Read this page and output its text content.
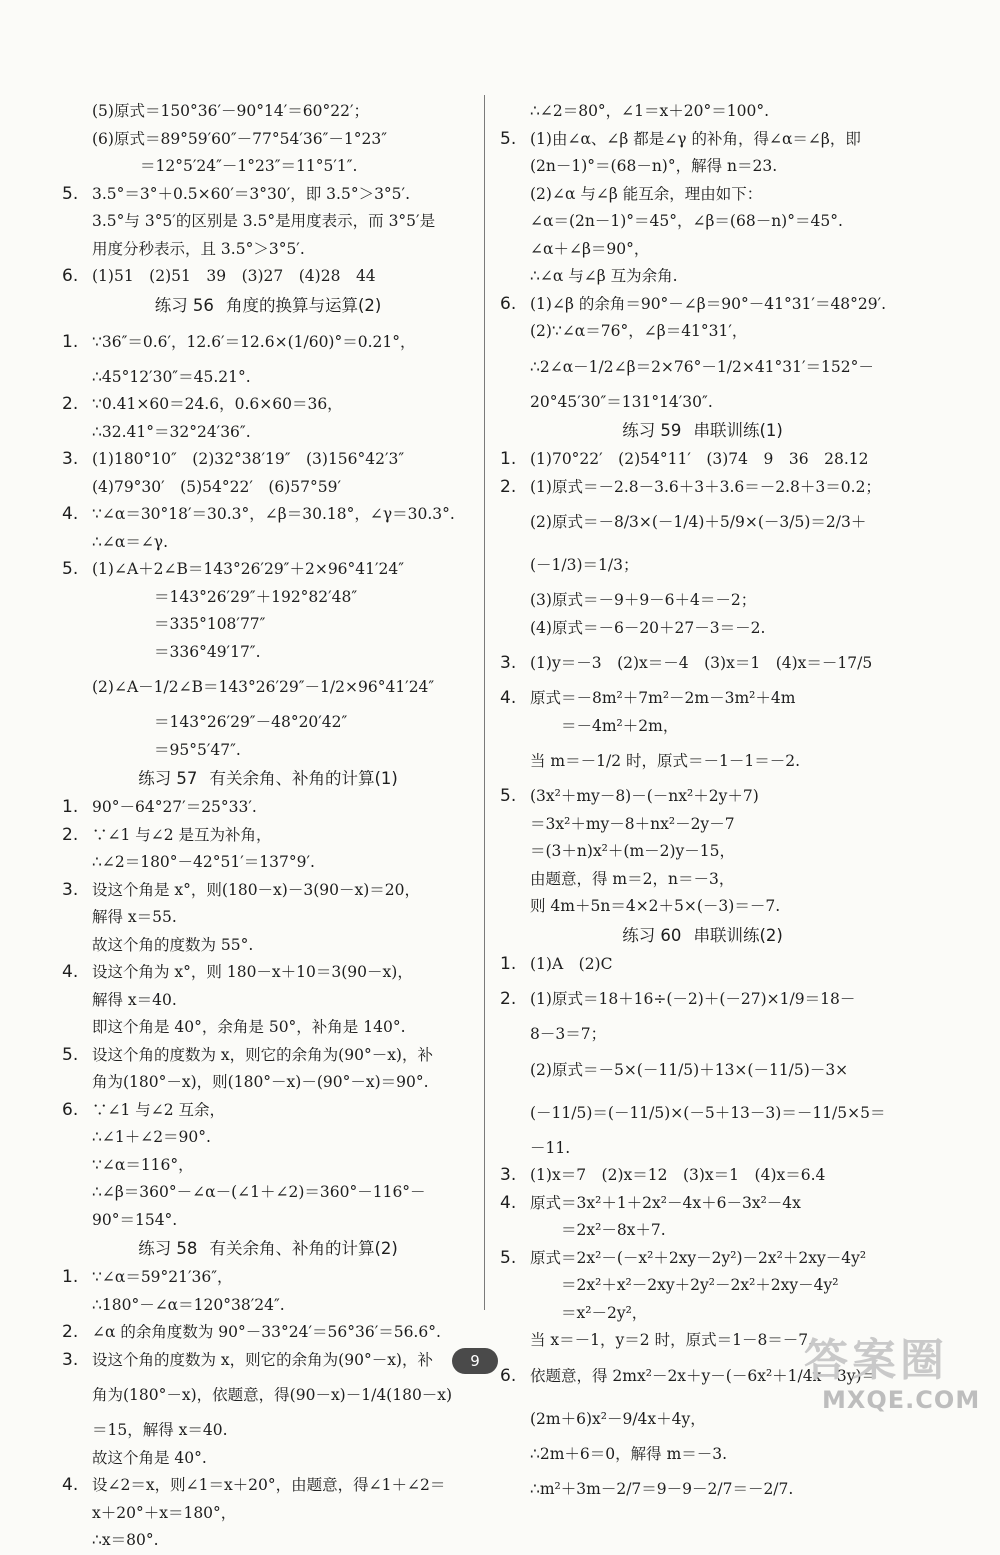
(5)原式＝150°36′－90°14′＝60°22′；
(6)原式＝89°59′60″－77°54′36″－1°23″
＝12°5′24″－1°23″＝11°5′1″.
5. 3.5°＝3°＋0.5×60′＝3°30′，即 3.5°＞3°5′.
3.5°与 3°5′的区别是 3.5°是用度表示，而 3°5′是
用度分秒表示，且 3.5°＞3°5′.
6. (1)51　(2)51　39　(3)27　(4)28　44
练习 56 角度的换算与运算(2)
1. ∵36″＝0.6′，12.6′＝12.6×(1/60)°＝0.21°，
∴45°12′30″＝45.21°.
2. ∵0.41×60＝24.6，0.6×60＝36，
∴32.41°＝32°24′36″.
3. (1)180°10″　(2)32°38′19″　(3)156°42′3″
(4)79°30′　(5)54°22′　(6)57°59′
4. ∵∠α＝30°18′＝30.3°，∠β＝30.18°，∠γ＝30.3°.
∴∠α＝∠γ.
5. (1)∠A＋2∠B＝143°26′29″＋2×96°41′24″
＝143°26′29″＋192°82′48″
＝335°108′77″
＝336°49′17″.
(2)∠A－1/2∠B＝143°26′29″－1/2×96°41′24″
＝143°26′29″－48°20′42″
＝95°5′47″.
练习 57 有关余角、补角的计算(1)
1. 90°－64°27′＝25°33′.
2. ∵∠1 与∠2 是互为补角，
∴∠2＝180°－42°51′＝137°9′.
3. 设这个角是 x°，则(180－x)－3(90－x)＝20，
解得 x＝55.
故这个角的度数为 55°.
4. 设这个角为 x°，则 180－x＋10＝3(90－x)，
解得 x＝40.
即这个角是 40°，余角是 50°，补角是 140°.
5. 设这个角的度数为 x，则它的余角为(90°－x)，补
角为(180°－x)，则(180°－x)－(90°－x)＝90°.
6. ∵∠1 与∠2 互余，
∴∠1＋∠2＝90°.
∵∠α＝116°，
∴∠β＝360°－∠α－(∠1＋∠2)＝360°－116°－
90°＝154°.
练习 58 有关余角、补角的计算(2)
1. ∵∠α＝59°21′36″，
∴180°－∠α＝120°38′24″.
2. ∠α 的余角度数为 90°－33°24′＝56°36′＝56.6°.
3. 设这个角的度数为 x，则它的余角为(90°－x)，补
角为(180°－x)，依题意，得(90－x)－1/4(180－x)
＝15，解得 x＝40.
故这个角是 40°.
4. 设∠2＝x，则∠1＝x＋20°，由题意，得∠1＋∠2＝
x＋20°＋x＝180°，
∴x＝80°.
∴∠2＝80°，∠1＝x＋20°＝100°.
5. (1)由∠α、∠β 都是∠γ 的补角，得∠α＝∠β，即
(2n－1)°＝(68－n)°，解得 n＝23.
(2)∠α 与∠β 能互余，理由如下：
∠α＝(2n－1)°＝45°，∠β＝(68－n)°＝45°.
∠α＋∠β＝90°，
∴∠α 与∠β 互为余角.
6. (1)∠β 的余角＝90°－∠β＝90°－41°31′＝48°29′.
(2)∵∠α＝76°，∠β＝41°31′，
∴2∠α－1/2∠β＝2×76°－1/2×41°31′＝152°－
20°45′30″＝131°14′30″.
练习 59 串联训练(1)
1. (1)70°22′　(2)54°11′　(3)74　9　36　28.12
2. (1)原式＝－2.8－3.6＋3＋3.6＝－2.8＋3＝0.2；
(2)原式＝－8/3×(－1/4)＋5/9×(－3/5)＝2/3＋
(－1/3)＝1/3；
(3)原式＝－9＋9－6＋4＝－2；
(4)原式＝－6－20＋27－3＝－2.
3. (1)y＝－3　(2)x＝－4　(3)x＝1　(4)x＝－17/5
4. 原式＝－8m²＋7m²－2m－3m²＋4m
　　＝－4m²＋2m，
当 m＝－1/2 时，原式＝－1－1＝－2.
5. (3x²＋my－8)－(－nx²＋2y＋7)
＝3x²＋my－8＋nx²－2y－7
＝(3＋n)x²＋(m－2)y－15，
由题意，得 m＝2，n＝－3，
则 4m＋5n＝4×2＋5×(－3)＝－7.
练习 60 串联训练(2)
1. (1)A　(2)C
2. (1)原式＝18＋16÷(－2)＋(－27)×1/9＝18－
8－3＝7；
(2)原式＝－5×(－11/5)＋13×(－11/5)－3×
(－11/5)＝(－11/5)×(－5＋13－3)＝－11/5×5＝
－11.
3. (1)x＝7　(2)x＝12　(3)x＝1　(4)x＝6.4
4. 原式＝3x²＋1＋2x²－4x＋6－3x²－4x
　　＝2x²－8x＋7.
5. 原式＝2x²－(－x²＋2xy－2y²)－2x²＋2xy－4y²
　　＝2x²＋x²－2xy＋2y²－2x²＋2xy－4y²
　　＝x²－2y²，
当 x＝－1，y＝2 时，原式＝1－8＝－7.
6. 依题意，得 2mx²－2x＋y－(－6x²＋1/4x－3y)＝
(2m＋6)x²－9/4x＋4y，
∴2m＋6＝0，解得 m＝－3.
∴m²＋3m－2/7＝9－9－2/7＝－2/7.
9	答案圈
MXQE.COM
